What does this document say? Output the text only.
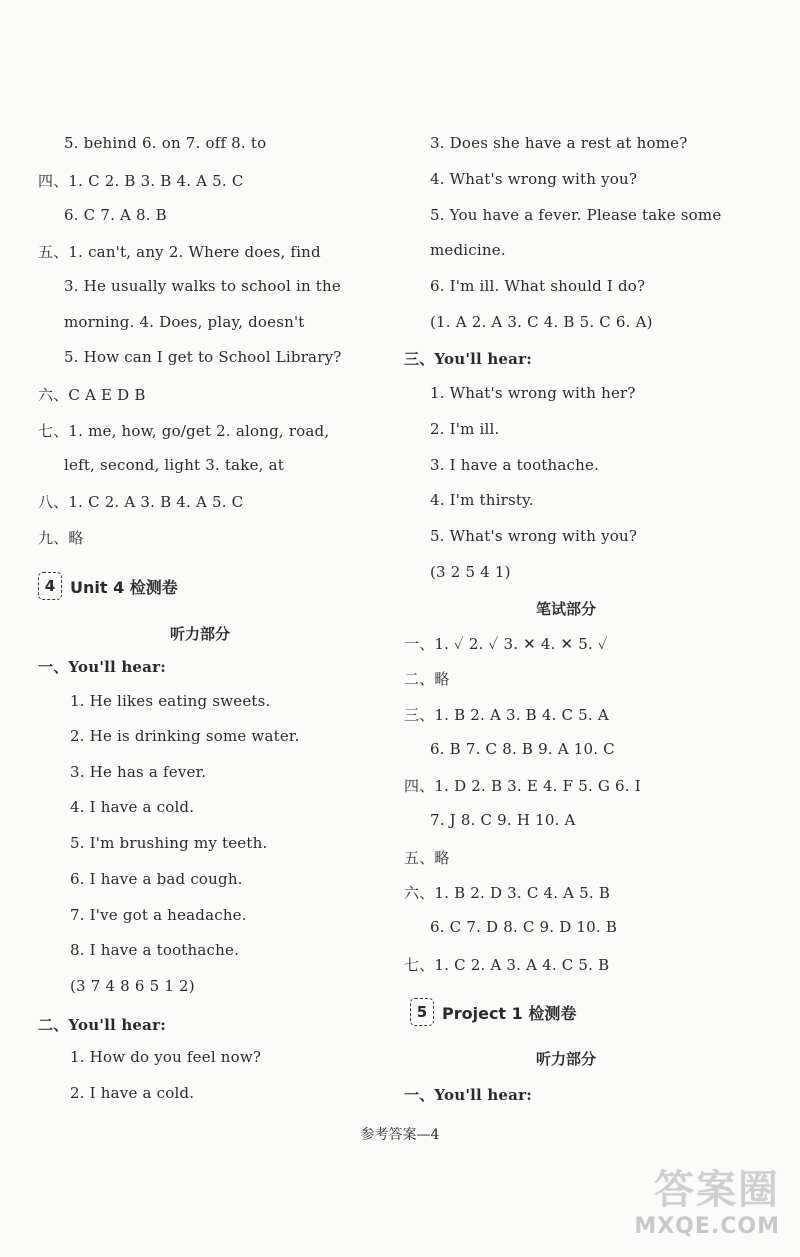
5. behind 6. on 7. off 8. to
四、1. C 2. B 3. B 4. A 5. C
6. C 7. A 8. B
五、1. can't, any 2. Where does, find
3. He usually walks to school in the
morning. 4. Does, play, doesn't
5. How can I get to School Library?
六、C A E D B
七、1. me, how, go/get 2. along, road,
left, second, light 3. take, at
八、1. C 2. A 3. B 4. A 5. C
九、略
4 Unit 4 检测卷
听力部分
一、You'll hear:
1. He likes eating sweets.
2. He is drinking some water.
3. He has a fever.
4. I have a cold.
5. I'm brushing my teeth.
6. I have a bad cough.
7. I've got a headache.
8. I have a toothache.
(3 7 4 8 6 5 1 2)
二、You'll hear:
1. How do you feel now?
2. I have a cold.
3. Does she have a rest at home?
4. What's wrong with you?
5. You have a fever. Please take some
medicine.
6. I'm ill. What should I do?
(1. A 2. A 3. C 4. B 5. C 6. A)
三、You'll hear:
1. What's wrong with her?
2. I'm ill.
3. I have a toothache.
4. I'm thirsty.
5. What's wrong with you?
(3 2 5 4 1)
笔试部分
一、1. ✓ 2. ✓ 3. ✕ 4. ✕ 5. ✓
二、略
三、1. B 2. A 3. B 4. C 5. A
6. B 7. C 8. B 9. A 10. C
四、1. D 2. B 3. E 4. F 5. G 6. I
7. J 8. C 9. H 10. A
五、略
六、1. B 2. D 3. C 4. A 5. B
6. C 7. D 8. C 9. D 10. B
七、1. C 2. A 3. A 4. C 5. B
5 Project 1 检测卷
听力部分
一、You'll hear:
参考答案—4
答案圈
MXQE.COM
